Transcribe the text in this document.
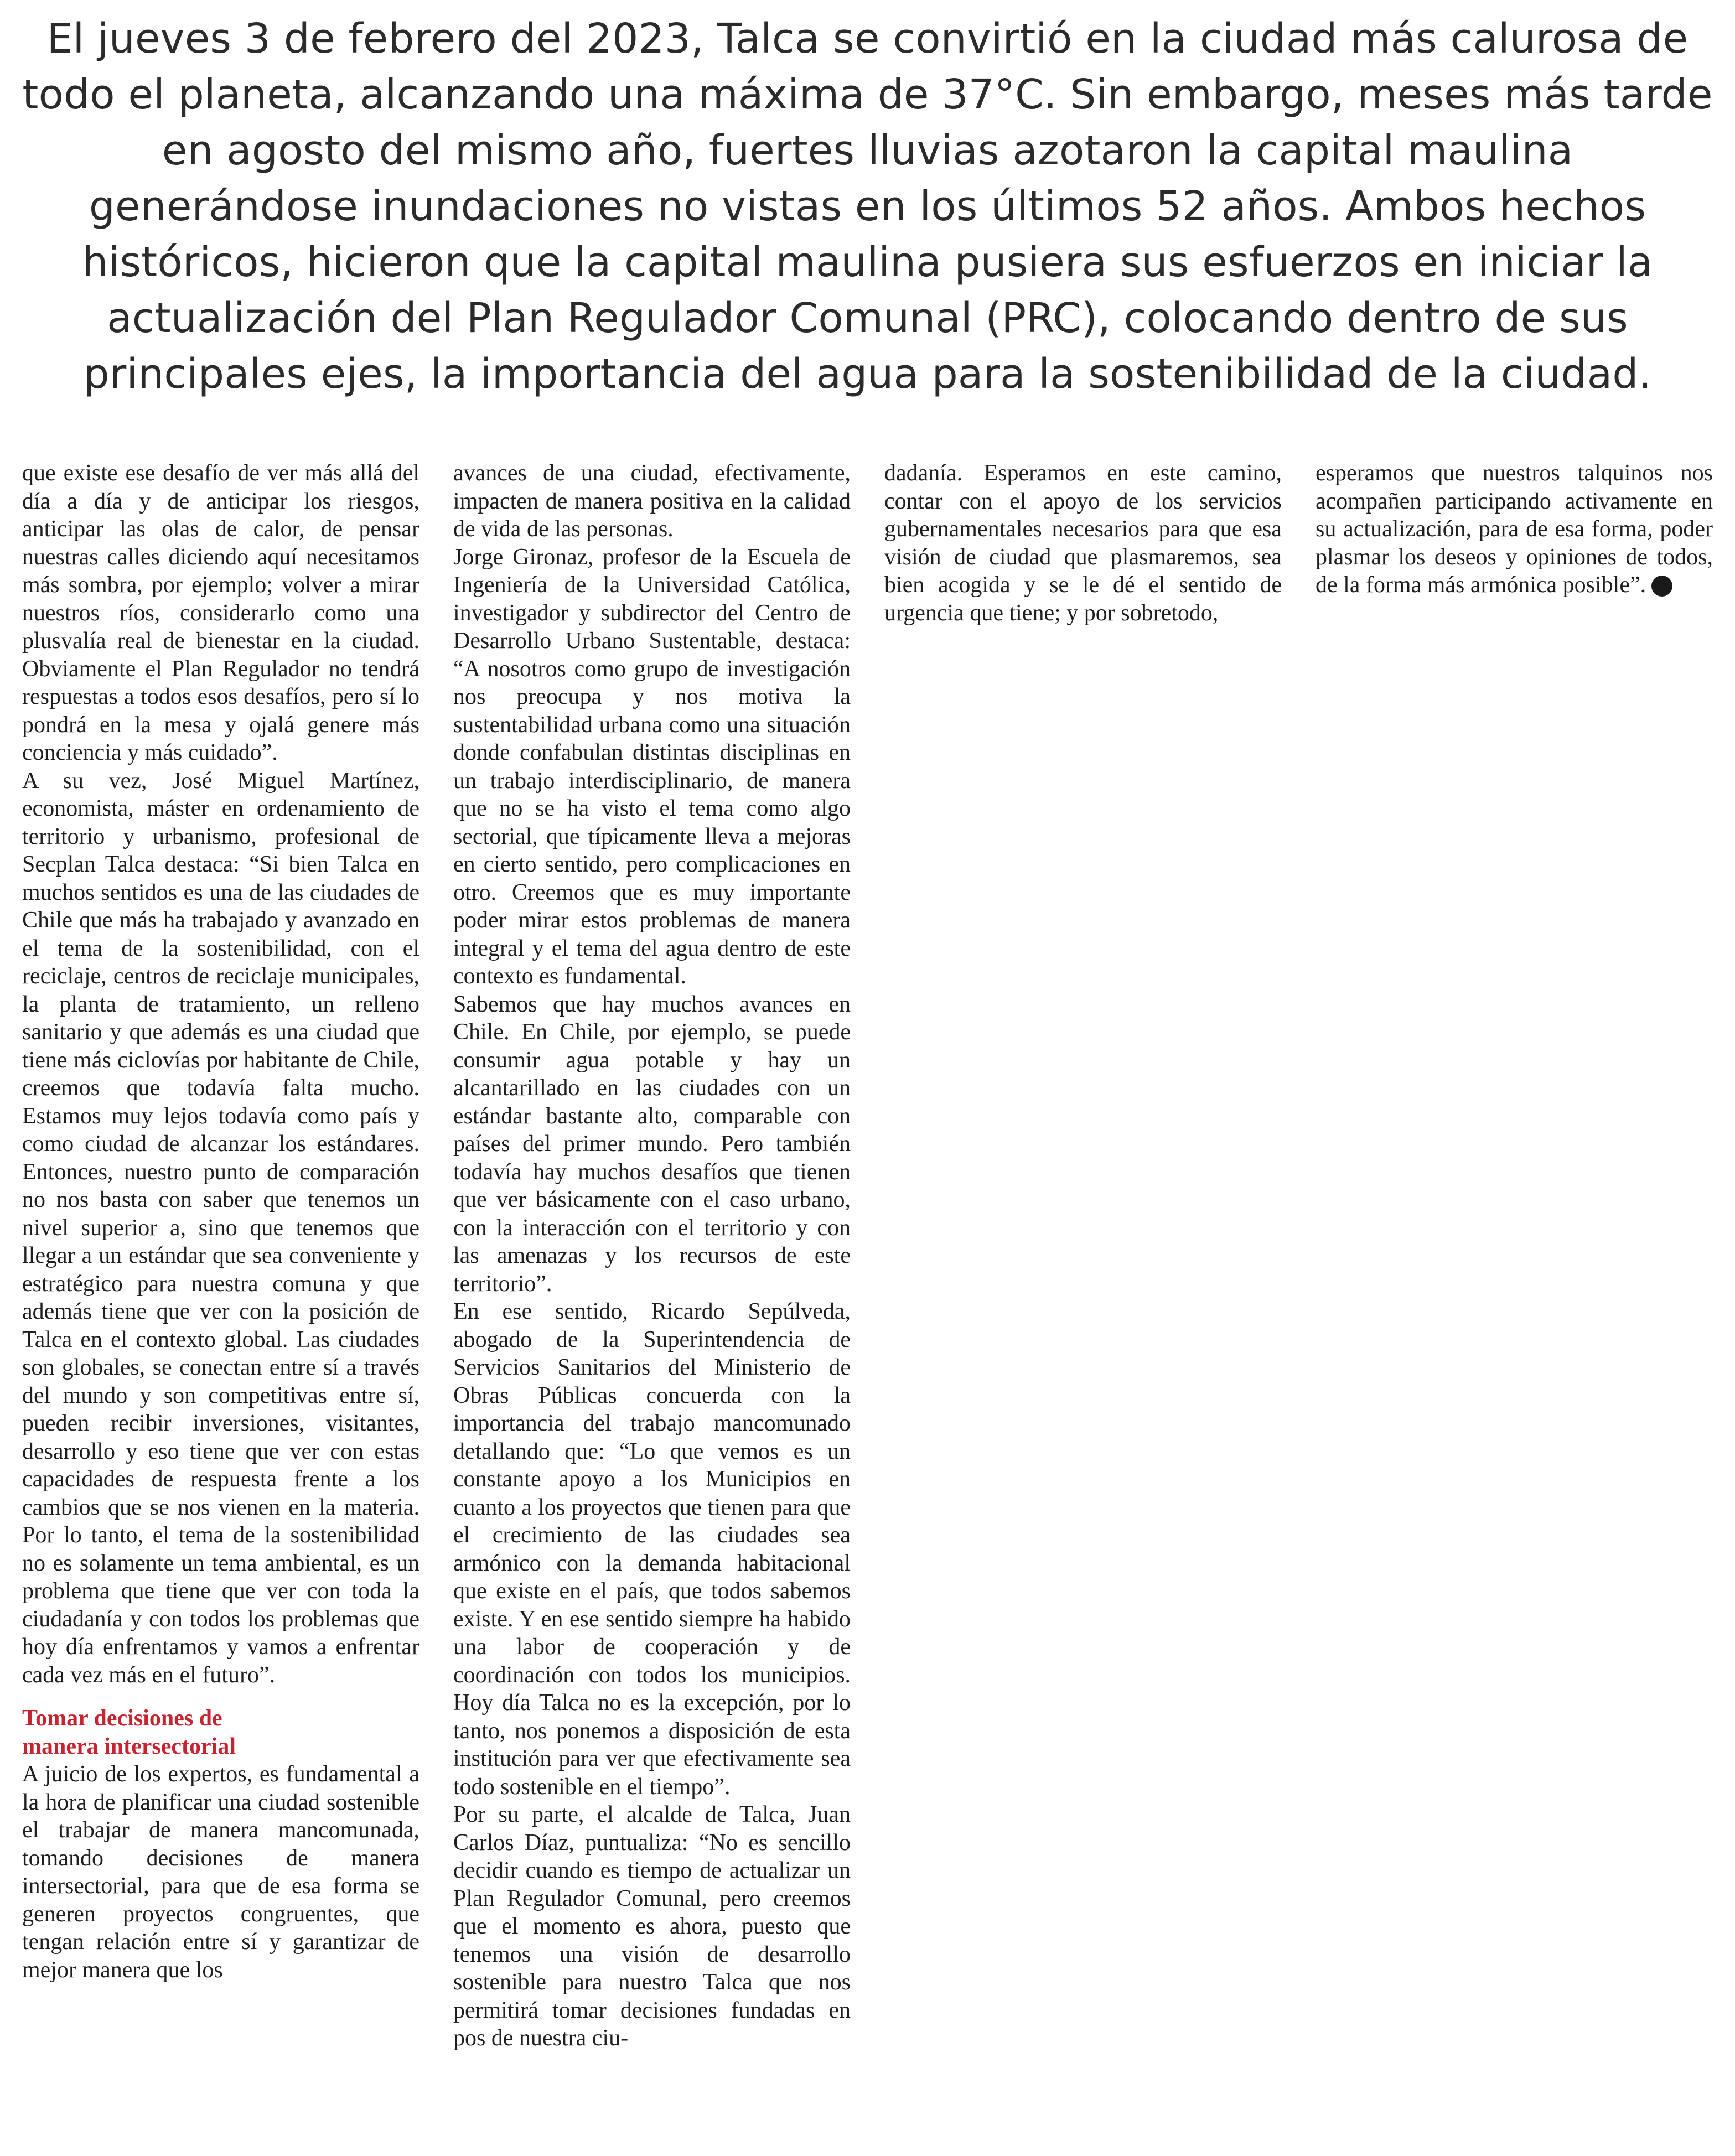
El jueves 3 de febrero del 2023, Talca se convirtió en la ciudad más calurosa de todo el planeta, alcanzando una máxima de 37°C. Sin embargo, meses más tarde en agosto del mismo año, fuertes lluvias azotaron la capital maulina generándose inundaciones no vistas en los últimos 52 años. Ambos hechos históricos, hicieron que la capital maulina pusiera sus esfuerzos en iniciar la actualización del Plan Regulador Comunal (PRC), colocando dentro de sus principales ejes, la importancia del agua para la sostenibilidad de la ciudad.

que existe ese desafío de ver más allá del día a día y de anticipar los riesgos, anticipar las olas de calor, de pensar nuestras calles diciendo aquí necesitamos más sombra, por ejemplo; volver a mirar nuestros ríos, considerarlo como una plusvalía real de bienestar en la ciudad. Obviamente el Plan Regulador no tendrá respuestas a todos esos desafíos, pero sí lo pondrá en la mesa y ojalá genere más conciencia y más cuidado”.

A su vez, José Miguel Martínez, economista, máster en ordenamiento de territorio y urbanismo, profesional de Secplan Talca destaca: “Si bien Talca en muchos sentidos es una de las ciudades de Chile que más ha trabajado y avanzado en el tema de la sostenibilidad, con el reciclaje, centros de reciclaje municipales, la planta de tratamiento, un relleno sanitario y que además es una ciudad que tiene más ciclovías por habitante de Chile, creemos que todavía falta mucho. Estamos muy lejos todavía como país y como ciudad de alcanzar los estándares. Entonces, nuestro punto de comparación no nos basta con saber que tenemos un nivel superior a, sino que tenemos que llegar a un estándar que sea conveniente y estratégico para nuestra comuna y que además tiene que ver con la posición de Talca en el contexto global. Las ciudades son globales, se conectan entre sí a través del mundo y son competitivas entre sí, pueden recibir inversiones, visitantes, desarrollo y eso tiene que ver con estas capacidades de respuesta frente a los cambios que se nos vienen en la materia. Por lo tanto, el tema de la sostenibilidad no es solamente un tema ambiental, es un problema que tiene que ver con toda la ciudadanía y con todos los problemas que hoy día enfrentamos y vamos a enfrentar cada vez más en el futuro”.

Tomar decisiones de manera intersectorial

A juicio de los expertos, es fundamental a la hora de planificar una ciudad sostenible el trabajar de manera mancomunada, tomando decisiones de manera intersectorial, para que de esa forma se generen proyectos congruentes, que tengan relación entre sí y garantizar de mejor manera que los

avances de una ciudad, efectivamente, impacten de manera positiva en la calidad de vida de las personas.

Jorge Gironaz, profesor de la Escuela de Ingeniería de la Universidad Católica, investigador y subdirector del Centro de Desarrollo Urbano Sustentable, destaca: “A nosotros como grupo de investigación nos preocupa y nos motiva la sustentabilidad urbana como una situación donde confabulan distintas disciplinas en un trabajo interdisciplinario, de manera que no se ha visto el tema como algo sectorial, que típicamente lleva a mejoras en cierto sentido, pero complicaciones en otro. Creemos que es muy importante poder mirar estos problemas de manera integral y el tema del agua dentro de este contexto es fundamental.

Sabemos que hay muchos avances en Chile. En Chile, por ejemplo, se puede consumir agua potable y hay un alcantarillado en las ciudades con un estándar bastante alto, comparable con países del primer mundo. Pero también todavía hay muchos desafíos que tienen que ver básicamente con el caso urbano, con la interacción con el territorio y con las amenazas y los recursos de este territorio”.

En ese sentido, Ricardo Sepúlveda, abogado de la Superintendencia de Servicios Sanitarios del Ministerio de Obras Públicas concuerda con la importancia del trabajo mancomunado detallando que: “Lo que vemos es un constante apoyo a los Municipios en cuanto a los proyectos que tienen para que el crecimiento de las ciudades sea armónico con la demanda habitacional que existe en el país, que todos sabemos existe. Y en ese sentido siempre ha habido una labor de cooperación y de coordinación con todos los municipios. Hoy día Talca no es la excepción, por lo tanto, nos ponemos a disposición de esta institución para ver que efectivamente sea todo sostenible en el tiempo”.

Por su parte, el alcalde de Talca, Juan Carlos Díaz, puntualiza: “No es sencillo decidir cuando es tiempo de actualizar un Plan Regulador Comunal, pero creemos que el momento es ahora, puesto que tenemos una visión de desarrollo sostenible para nuestro Talca que nos permitirá tomar decisiones fundadas en pos de nuestra ciu-

dadanía. Esperamos en este camino, contar con el apoyo de los servicios gubernamentales necesarios para que esa visión de ciudad que plasmaremos, sea bien acogida y se le dé el sentido de urgencia que tiene; y por sobretodo,

esperamos que nuestros talquinos nos acompañen participando activamente en su actualización, para de esa forma, poder plasmar los deseos y opiniones de todos, de la forma más armónica posible”.
